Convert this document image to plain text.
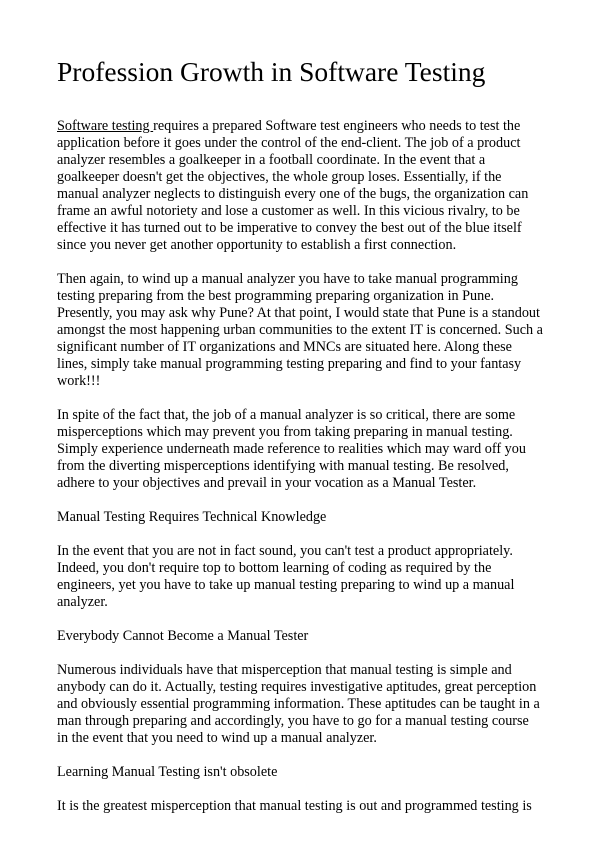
Profession Growth in Software Testing

Software testing requires a prepared Software test engineers who needs to test the application before it goes under the control of the end-client. The job of a product analyzer resembles a goalkeeper in a football coordinate. In the event that a goalkeeper doesn't get the objectives, the whole group loses. Essentially, if the manual analyzer neglects to distinguish every one of the bugs, the organization can frame an awful notoriety and lose a customer as well. In this vicious rivalry, to be effective it has turned out to be imperative to convey the best out of the blue itself since you never get another opportunity to establish a first connection.

Then again, to wind up a manual analyzer you have to take manual programming testing preparing from the best programming preparing organization in Pune. Presently, you may ask why Pune? At that point, I would state that Pune is a standout amongst the most happening urban communities to the extent IT is concerned. Such a significant number of IT organizations and MNCs are situated here. Along these lines, simply take manual programming testing preparing and find to your fantasy work!!!

In spite of the fact that, the job of a manual analyzer is so critical, there are some misperceptions which may prevent you from taking preparing in manual testing. Simply experience underneath made reference to realities which may ward off you from the diverting misperceptions identifying with manual testing. Be resolved, adhere to your objectives and prevail in your vocation as a Manual Tester.

Manual Testing Requires Technical Knowledge

In the event that you are not in fact sound, you can't test a product appropriately. Indeed, you don't require top to bottom learning of coding as required by the engineers, yet you have to take up manual testing preparing to wind up a manual analyzer.

Everybody Cannot Become a Manual Tester

Numerous individuals have that misperception that manual testing is simple and anybody can do it. Actually, testing requires investigative aptitudes, great perception and obviously essential programming information. These aptitudes can be taught in a man through preparing and accordingly, you have to go for a manual testing course in the event that you need to wind up a manual analyzer.

Learning Manual Testing isn't obsolete

It is the greatest misperception that manual testing is out and programmed testing is
